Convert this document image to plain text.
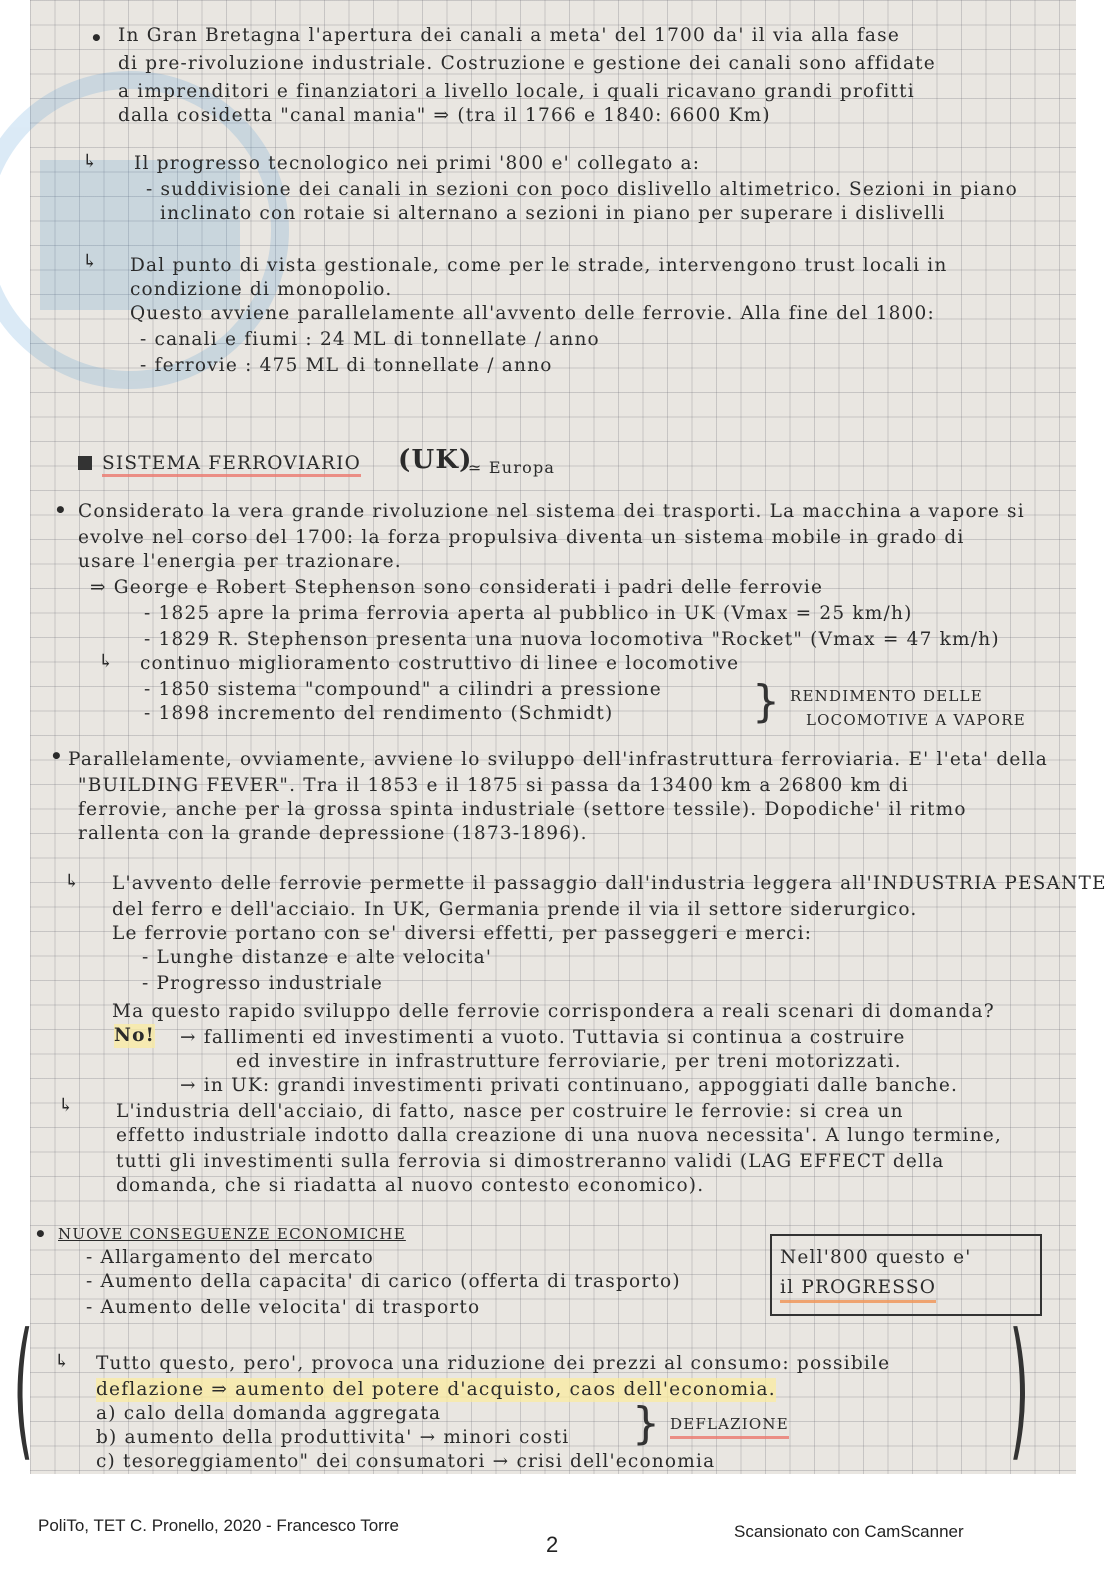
• In Gran Bretagna l'apertura dei canali a meta' del 1700 da' il via alla fase
di pre-rivoluzione industriale. Costruzione e gestione dei canali sono affidate
a imprenditori e finanziatori a livello locale, i quali ricavano grandi profitti
dalla cosidetta "canal mania" ⇒ (tra il 1766 e 1840: 6600 Km)
↳ Il progresso tecnologico nei primi '800 e' collegato a:
- suddivisione dei canali in sezioni con poco dislivello altimetrico. Sezioni in piano
inclinato con rotaie si alternano a sezioni in piano per superare i dislivelli
↳ Dal punto di vista gestionale, come per le strade, intervengono trust locali in
condizione di monopolio.
Questo avviene parallelamente all'avvento delle ferrovie. Alla fine del 1800:
- canali e fiumi : 24 ML di tonnellate / anno
- ferrovie : 475 ML di tonnellate / anno
SISTEMA FERROVIARIO (UK)
≃ Europa
• Considerato la vera grande rivoluzione nel sistema dei trasporti. La macchina a vapore si
evolve nel corso del 1700: la forza propulsiva diventa un sistema mobile in grado di
usare l'energia per trazionare.
⇒ George e Robert Stephenson sono considerati i padri delle ferrovie
- 1825 apre la prima ferrovia aperta al pubblico in UK (Vmax = 25 km/h)
- 1829 R. Stephenson presenta una nuova locomotiva "Rocket" (Vmax = 47 km/h)
↳ continuo miglioramento costruttivo di linee e locomotive
- 1850 sistema "compound" a cilindri a pressione
- 1898 incremento del rendimento (Schmidt)	} RENDIMENTO DELLE
LOCOMOTIVE A VAPORE
• Parallelamente, ovviamente, avviene lo sviluppo dell'infrastruttura ferroviaria. E' l'eta' della
"BUILDING FEVER". Tra il 1853 e il 1875 si passa da 13400 km a 26800 km di
ferrovie, anche per la grossa spinta industriale (settore tessile). Dopodiche' il ritmo
rallenta con la grande depressione (1873-1896).
↳ L'avvento delle ferrovie permette il passaggio dall'industria leggera all'INDUSTRIA PESANTE
del ferro e dell'acciaio. In UK, Germania prende il via il settore siderurgico.
Le ferrovie portano con se' diversi effetti, per passeggeri e merci:
- Lunghe distanze e alte velocita'
- Progresso industriale
Ma questo rapido sviluppo delle ferrovie corrispondera a reali scenari di domanda?
No! → fallimenti ed investimenti a vuoto. Tuttavia si continua a costruire
ed investire in infrastrutture ferroviarie, per treni motorizzati.
→ in UK: grandi investimenti privati continuano, appoggiati dalle banche.
↳ L'industria dell'acciaio, di fatto, nasce per costruire le ferrovie: si crea un
effetto industriale indotto dalla creazione di una nuova necessita'. A lungo termine,
tutti gli investimenti sulla ferrovia si dimostreranno validi (LAG EFFECT della
domanda, che si riadatta al nuovo contesto economico).
• NUOVE CONSEGUENZE ECONOMICHE
- Allargamento del mercato
- Aumento della capacita' di carico (offerta di trasporto)
- Aumento delle velocita' di trasporto
(	)
↳ Tutto questo, pero', provoca una riduzione dei prezzi al consumo: possibile
deflazione ⇒ aumento del potere d'acquisto, caos dell'economia.
a) calo della domanda aggregata
b) aumento della produttivita' → minori costi
c) tesoreggiamento" dei consumatori → crisi dell'economia
} DEFLAZIONE
Nell'800 questo e'
il PROGRESSO
PoliTo, TET C. Pronello, 2020 - Francesco Torre
2
Scansionato con CamScanner
